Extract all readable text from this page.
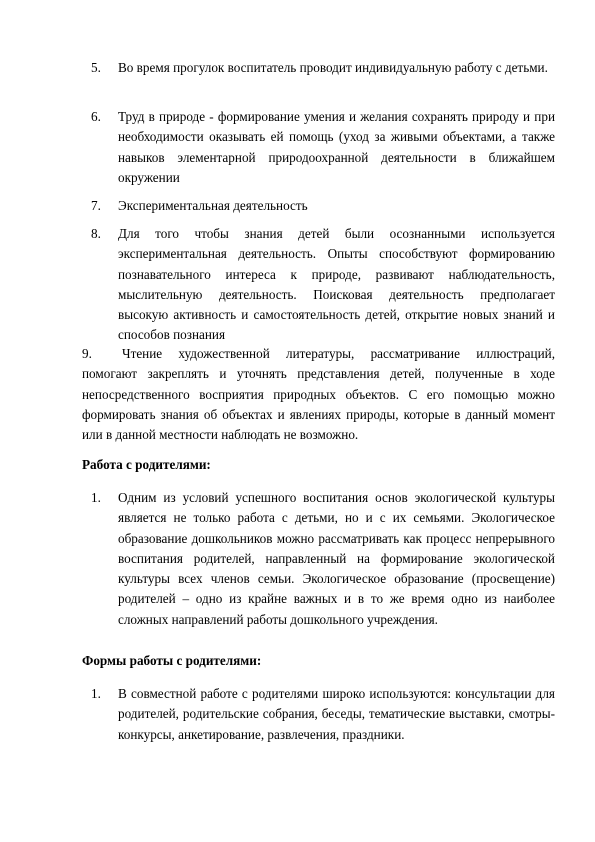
5.	Во время прогулок воспитатель проводит индивидуальную работу с детьми.
6.	Труд в природе - формирование умения и желания сохранять природу и при необходимости оказывать ей помощь (уход за живыми объектами, а также навыков элементарной природоохранной деятельности в ближайшем окружении
7.	Экспериментальная деятельность
8.	Для того чтобы знания детей были осознанными используется экспериментальная деятельность. Опыты способствуют формированию познавательного интереса к природе, развивают наблюдательность, мыслительную деятельность. Поисковая деятельность предполагает высокую активность и самостоятельность детей, открытие новых знаний и способов познания

9. Чтение художественной литературы, рассматривание иллюстраций, помогают закреплять и уточнять представления детей, полученные в ходе непосредственного восприятия природных объектов. С его помощью можно формировать знания об объектах и явлениях природы, которые в данный момент или в данной местности наблюдать не возможно.

Работа с родителями:
1.	Одним из условий успешного воспитания основ экологической культуры является не только работа с детьми, но и с их семьями. Экологическое образование дошкольников можно рассматривать как процесс непрерывного воспитания родителей, направленный на формирование экологической культуры всех членов семьи. Экологическое образование (просвещение) родителей – одно из крайне важных и в то же время одно из наиболее сложных направлений работы дошкольного учреждения.
Формы работы с родителями:
1.	В совместной работе с родителями широко используются: консультации для родителей, родительские собрания, беседы, тематические выставки, смотры-конкурсы, анкетирование, развлечения, праздники.
